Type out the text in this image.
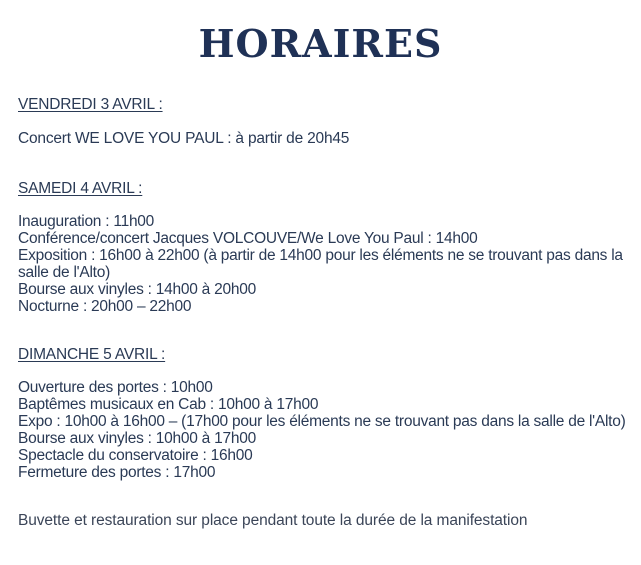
HORAIRES
VENDREDI 3 AVRIL :
Concert WE LOVE YOU PAUL : à partir de 20h45
SAMEDI 4 AVRIL :
Inauguration : 11h00
Conférence/concert Jacques VOLCOUVE/We Love You Paul : 14h00
Exposition : 16h00 à 22h00 (à partir de 14h00 pour les éléments ne se trouvant pas dans la salle de l'Alto)
Bourse aux vinyles : 14h00 à 20h00
Nocturne : 20h00 – 22h00
DIMANCHE 5 AVRIL :
Ouverture des portes : 10h00
Baptêmes musicaux en Cab : 10h00 à 17h00
Expo : 10h00 à 16h00 – (17h00 pour les éléments ne se trouvant pas dans la salle de l'Alto)
Bourse aux vinyles : 10h00 à 17h00
Spectacle du conservatoire : 16h00
Fermeture des portes : 17h00
Buvette et restauration sur place pendant toute la durée de la manifestation
